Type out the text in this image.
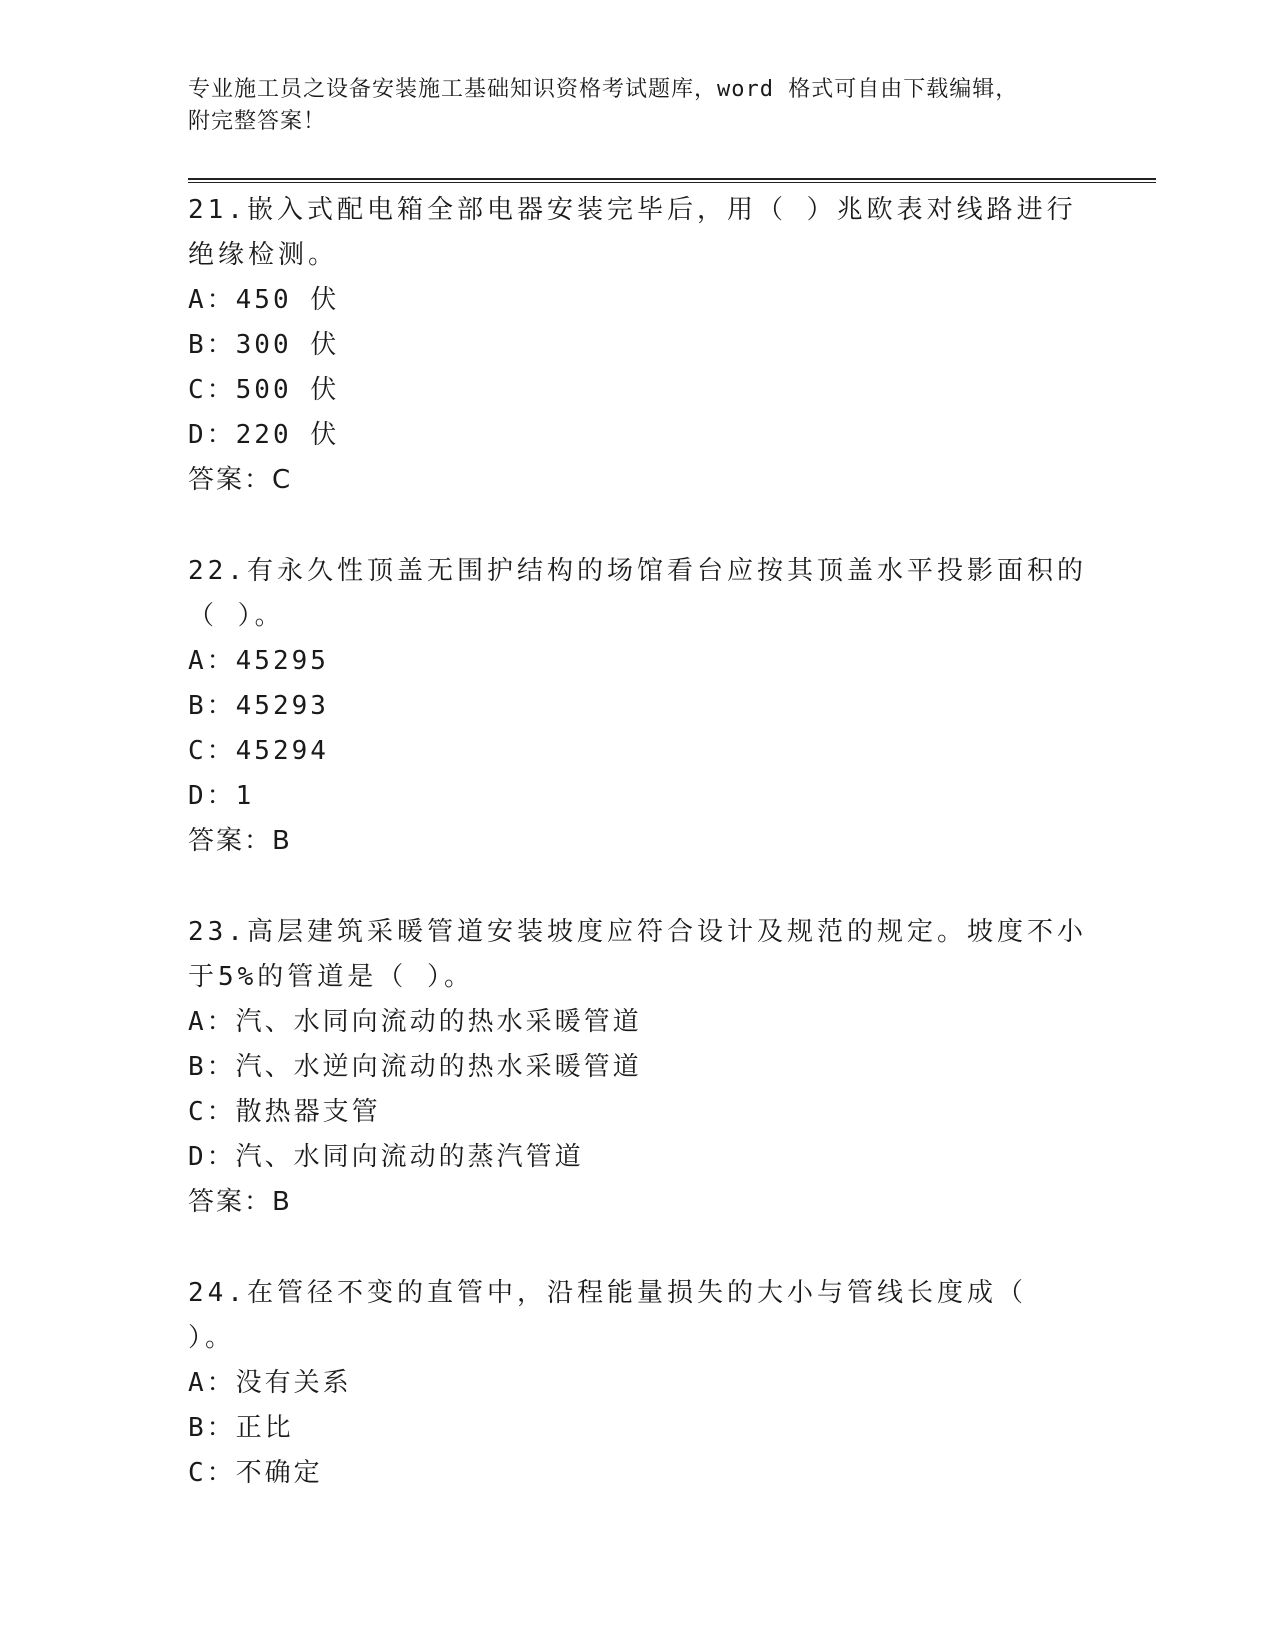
专业施工员之设备安装施工基础知识资格考试题库，word 格式可自由下载编辑，
附完整答案！

21.嵌入式配电箱全部电器安装完毕后，用（ ）兆欧表对线路进行绝缘检测。

A：450 伏

B：300 伏

C：500 伏

D：220 伏

答案：C

22.有永久性顶盖无围护结构的场馆看台应按其顶盖水平投影面积的（ ）。

A：45295

B：45293

C：45294

D：1

答案：B

23.高层建筑采暖管道安装坡度应符合设计及规范的规定。坡度不小于5%的管道是（ ）。

A：汽、水同向流动的热水采暖管道

B：汽、水逆向流动的热水采暖管道

C：散热器支管

D：汽、水同向流动的蒸汽管道

答案：B

24.在管径不变的直管中，沿程能量损失的大小与管线长度成（ ）。

A：没有关系

B：正比

C：不确定
